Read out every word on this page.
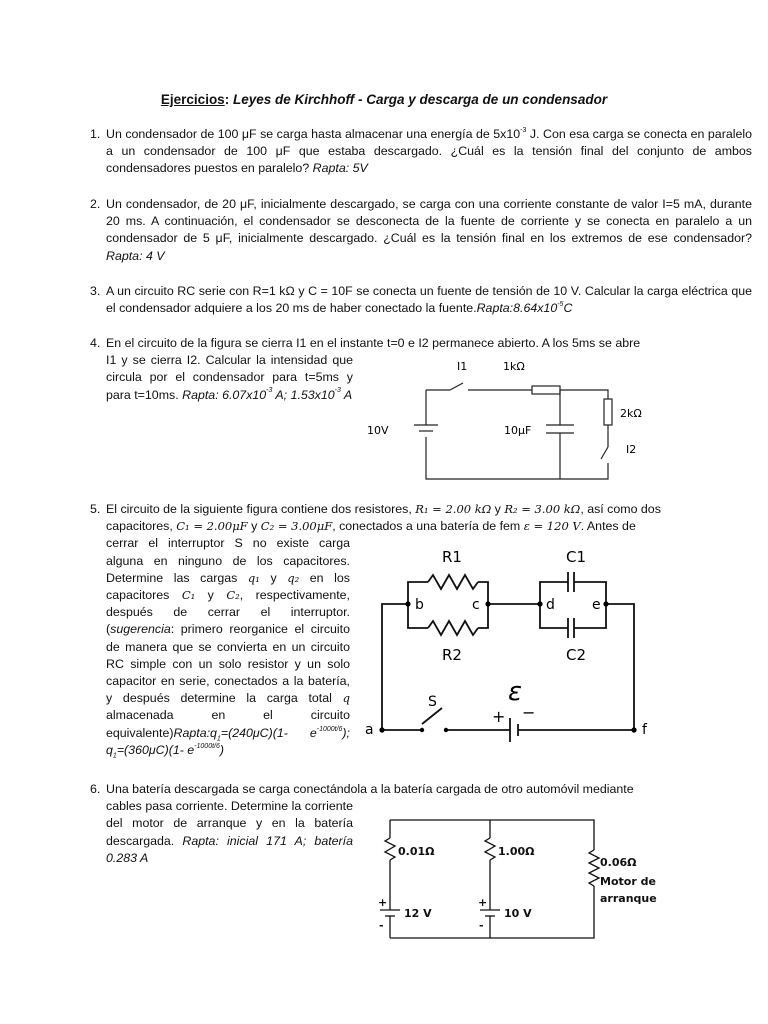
Ejercicios: Leyes de Kirchhoff - Carga y descarga de un condensador
1. Un condensador de 100 μF se carga hasta almacenar una energía de $5x10^{-3}$ J. Con esa carga se conecta en paralelo a un condensador de 100 μF que estaba descargado. ¿Cuál es la tensión final del conjunto de ambos condensadores puestos en paralelo? Rapta: 5V
2. Un condensador, de 20 μF, inicialmente descargado, se carga con una corriente constante de valor I=5 mA, durante 20 ms. A continuación, el condensador se desconecta de la fuente de corriente y se conecta en paralelo a un condensador de 5 μF, inicialmente descargado. ¿Cuál es la tensión final en los extremos de ese condensador? Rapta: 4 V
3. A un circuito RC serie con R=1 kΩ y C = 10F se conecta un fuente de tensión de 10 V. Calcular la carga eléctrica que el condensador adquiere a los 20 ms de haber conectado la $fuente.Rapta:8.64x10^{-5}C$
4. En el circuito de la figura se cierra I1 en el instante t=0 e I2 permanece abierto. A los 5ms se abre
I1 y se cierra I2. Calcular la intensidad que circula por el condensador para t=5ms y para t=10ms. Rapta: $6.07x10^{-3}$ A; $1.53x10^{-3}$ A
I1	1kΩ
10V	10μF
2kΩ
I2
5. El circuito de la siguiente figura contiene dos resistores, R₁ = 2.00 kΩ y R₂ = 3.00 kΩ, así como dos
capacitores, C₁ = 2.00μF y C₂ = 3.00μF, conectados a una batería de fem ε = 120 V. Antes de
cerrar el interruptor S no existe carga alguna en ninguno de los capacitores. Determine las cargas q₁ y q₂ en los capacitores C₁ y C₂, respectivamente, después de cerrar el interruptor. (sugerencia: primero reorganice el circuito de manera que se convierta en un circuito RC simple con un solo resistor y un solo capacitor en serie, conectados a la batería, y después determine la carga total q almacenada en el circuito $equivalente)Rapta:q_1=(240\mu C)(1-$ $e^{-1000t/6}$); $q_1=(360\mu C)(1-$ $e^{-1000t/6}$)
R1
R2
C1
C2
a
b	c	d	e
f
S	ε
+ −
6. Una batería descargada se carga conectándola a la batería cargada de otro automóvil mediante
cables pasa corriente. Determine la corriente del motor de arranque y en la batería descargada. Rapta: inicial 171 A; batería 0.283 A	0.01Ω	1.00Ω
0.06Ω
Motor de
arranque
12 V	10 V
+
-
+
-
